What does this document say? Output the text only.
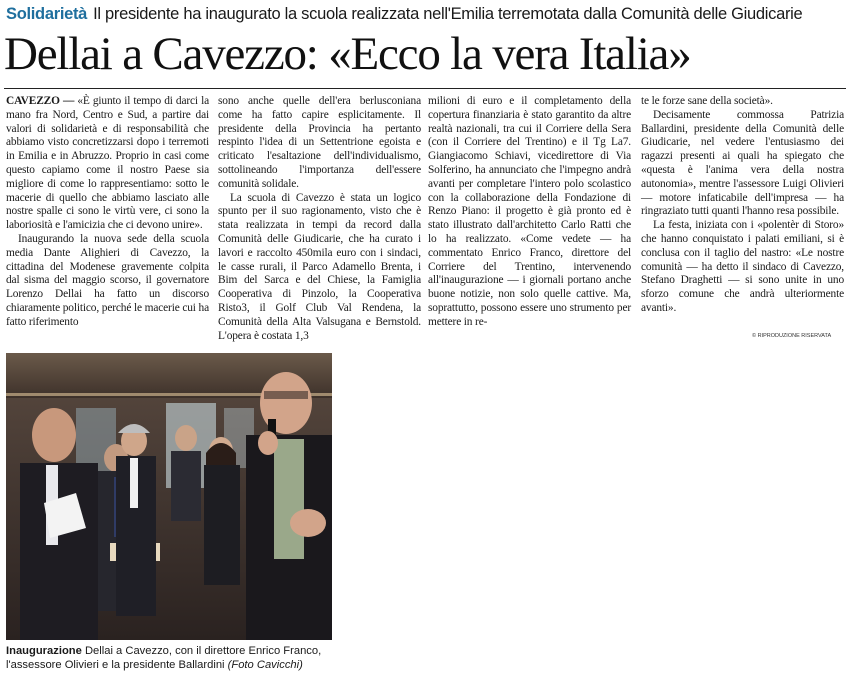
Solidarietà Il presidente ha inaugurato la scuola realizzata nell'Emilia terremotata dalla Comunità delle Giudicarie
Dellai a Cavezzo: «Ecco la vera Italia»

CAVEZZO — «È giunto il tempo di darci la mano fra Nord, Centro e Sud, a partire dai valori di solidarietà e di responsabilità che abbiamo visto concretizzarsi dopo i terremoti in Emilia e in Abruzzo. Proprio in casi come questo capiamo come il nostro Paese sia migliore di come lo rappresentiamo: sotto le macerie di quello che abbiamo lasciato alle nostre spalle ci sono le virtù vere, ci sono la laboriosità e l'amicizia che ci devono unire».

Inaugurando la nuova sede della scuola media Dante Alighieri di Cavezzo, la cittadina del Modenese gravemente colpita dal sisma del maggio scorso, il governatore Lorenzo Dellai ha fatto un discorso chiaramente politico, perché le macerie cui ha fatto riferimento

sono anche quelle dell'era berlusconiana come ha fatto capire esplicitamente. Il presidente della Provincia ha pertanto respinto l'idea di un Settentrione egoista e criticato l'esaltazione dell'individualismo, sottolineando l'importanza dell'essere comunità solidale.

La scuola di Cavezzo è stata un logico spunto per il suo ragionamento, visto che è stata realizzata in tempi da record dalla Comunità delle Giudicarie, che ha curato i lavori e raccolto 450mila euro con i sindaci, le casse rurali, il Parco Adamello Brenta, i Bim del Sarca e del Chiese, la Famiglia Cooperativa di Pinzolo, la Cooperativa Risto3, il Golf Club Val Rendena, la Comunità della Alta Valsugana e Bernstold. L'opera è costata 1,3

milioni di euro e il completamento della copertura finanziaria è stato garantito da altre realtà nazionali, tra cui il Corriere della Sera (con il Corriere del Trentino) e il Tg La7. Giangiacomo Schiavi, vicedirettore di Via Solferino, ha annunciato che l'impegno andrà avanti per completare l'intero polo scolastico con la collaborazione della Fondazione di Renzo Piano: il progetto è già pronto ed è stato illustrato dall'architetto Carlo Ratti che lo ha realizzato. «Come vedete — ha commentato Enrico Franco, direttore del Corriere del Trentino, intervenendo all'inaugurazione — i giornali portano anche buone notizie, non solo quelle cattive. Ma, soprattutto, possono essere uno strumento per mettere in re-

te le forze sane della società».

Decisamente commossa Patrizia Ballardini, presidente della Comunità delle Giudicarie, nel vedere l'entusiasmo dei ragazzi presenti ai quali ha spiegato che «questa è l'anima vera della nostra autonomia», mentre l'assessore Luigi Olivieri — motore infaticabile dell'impresa — ha ringraziato tutti quanti l'hanno resa possibile.

La festa, iniziata con i «polentèr di Storo» che hanno conquistato i palati emiliani, si è conclusa con il taglio del nastro: «Le nostre comunità — ha detto il sindaco di Cavezzo, Stefano Draghetti — si sono unite in uno sforzo comune che andrà ulteriormente avanti».

© RIPRODUZIONE RISERVATA
Inaugurazione Dellai a Cavezzo, con il direttore Enrico Franco, l'assessore Olivieri e la presidente Ballardini (Foto Cavicchi)
